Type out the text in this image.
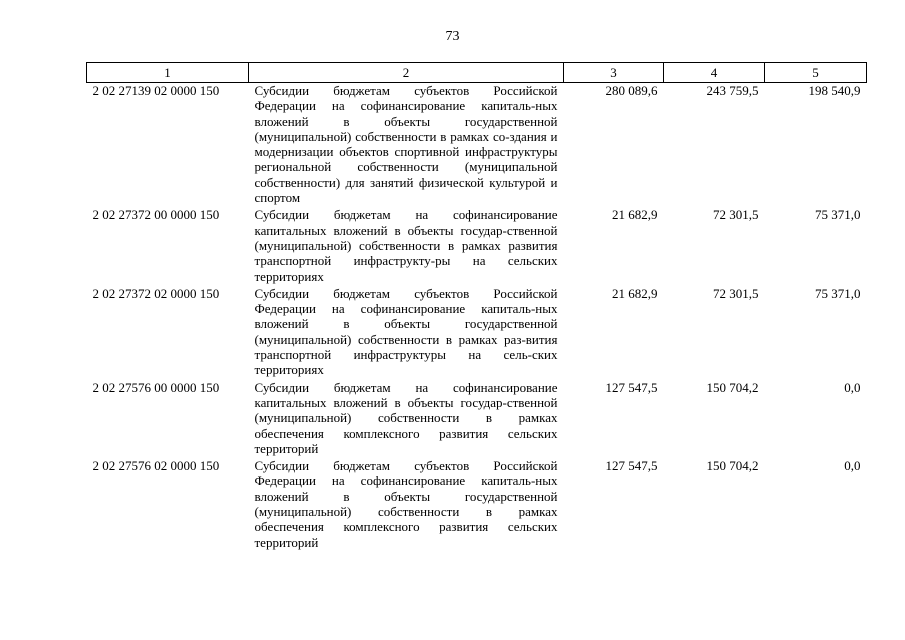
73
1	2	3	4	5
2 02 27139 02 0000 150	Субсидии бюджетам субъектов Российской Федерации на софинансирование капиталь-ных вложений в объекты государственной (муниципальной) собственности в рамках со-здания и модернизации объектов спортивной инфраструктуры региональной собственности (муниципальной собственности) для занятий физической культурой и спортом	280 089,6	243 759,5	198 540,9
2 02 27372 00 0000 150	Субсидии бюджетам на софинансирование капитальных вложений в объекты государ-ственной (муниципальной) собственности в рамках развития транспортной инфраструкту-ры на сельских территориях	21 682,9	72 301,5	75 371,0
2 02 27372 02 0000 150	Субсидии бюджетам субъектов Российской Федерации на софинансирование капиталь-ных вложений в объекты государственной (муниципальной) собственности в рамках раз-вития транспортной инфраструктуры на сель-ских территориях	21 682,9	72 301,5	75 371,0
2 02 27576 00 0000 150	Субсидии бюджетам на софинансирование капитальных вложений в объекты государ-ственной (муниципальной) собственности в рамках обеспечения комплексного развития сельских территорий	127 547,5	150 704,2	0,0
2 02 27576 02 0000 150	Субсидии бюджетам субъектов Российской Федерации на софинансирование капиталь-ных вложений в объекты государственной (муниципальной) собственности в рамках обеспечения комплексного развития сельских территорий	127 547,5	150 704,2	0,0
